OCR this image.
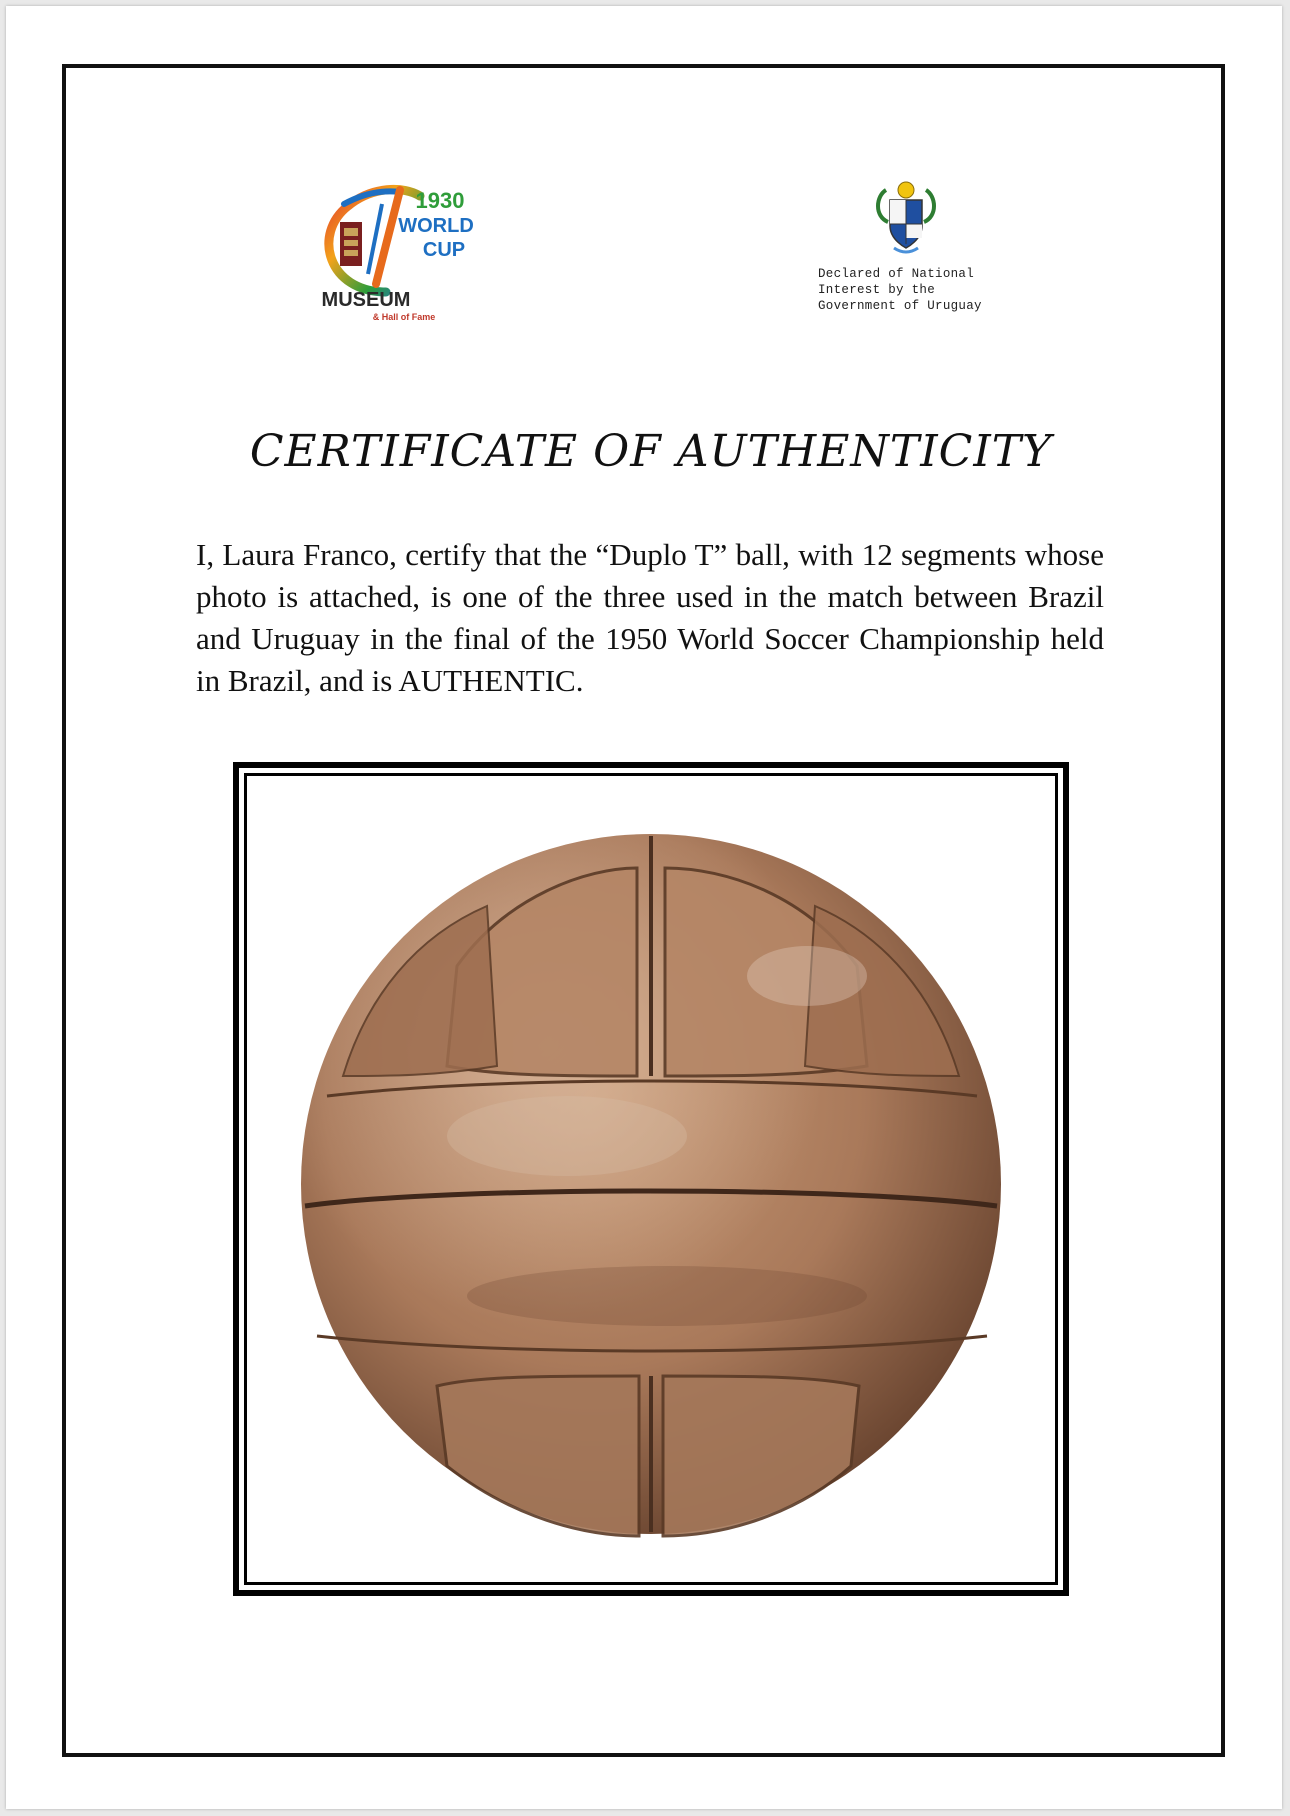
1930
WORLD
CUP
MUSEUM
& Hall of Fame
Declared of National
Interest by the
Government of Uruguay
CERTIFICATE OF AUTHENTICITY
I, Laura Franco, certify that the “Duplo T” ball, with 12 segments whose photo is attached, is one of the three used in the match between Brazil and Uruguay in the final of the 1950 World Soccer Championship held in Brazil, and is AUTHENTIC.
